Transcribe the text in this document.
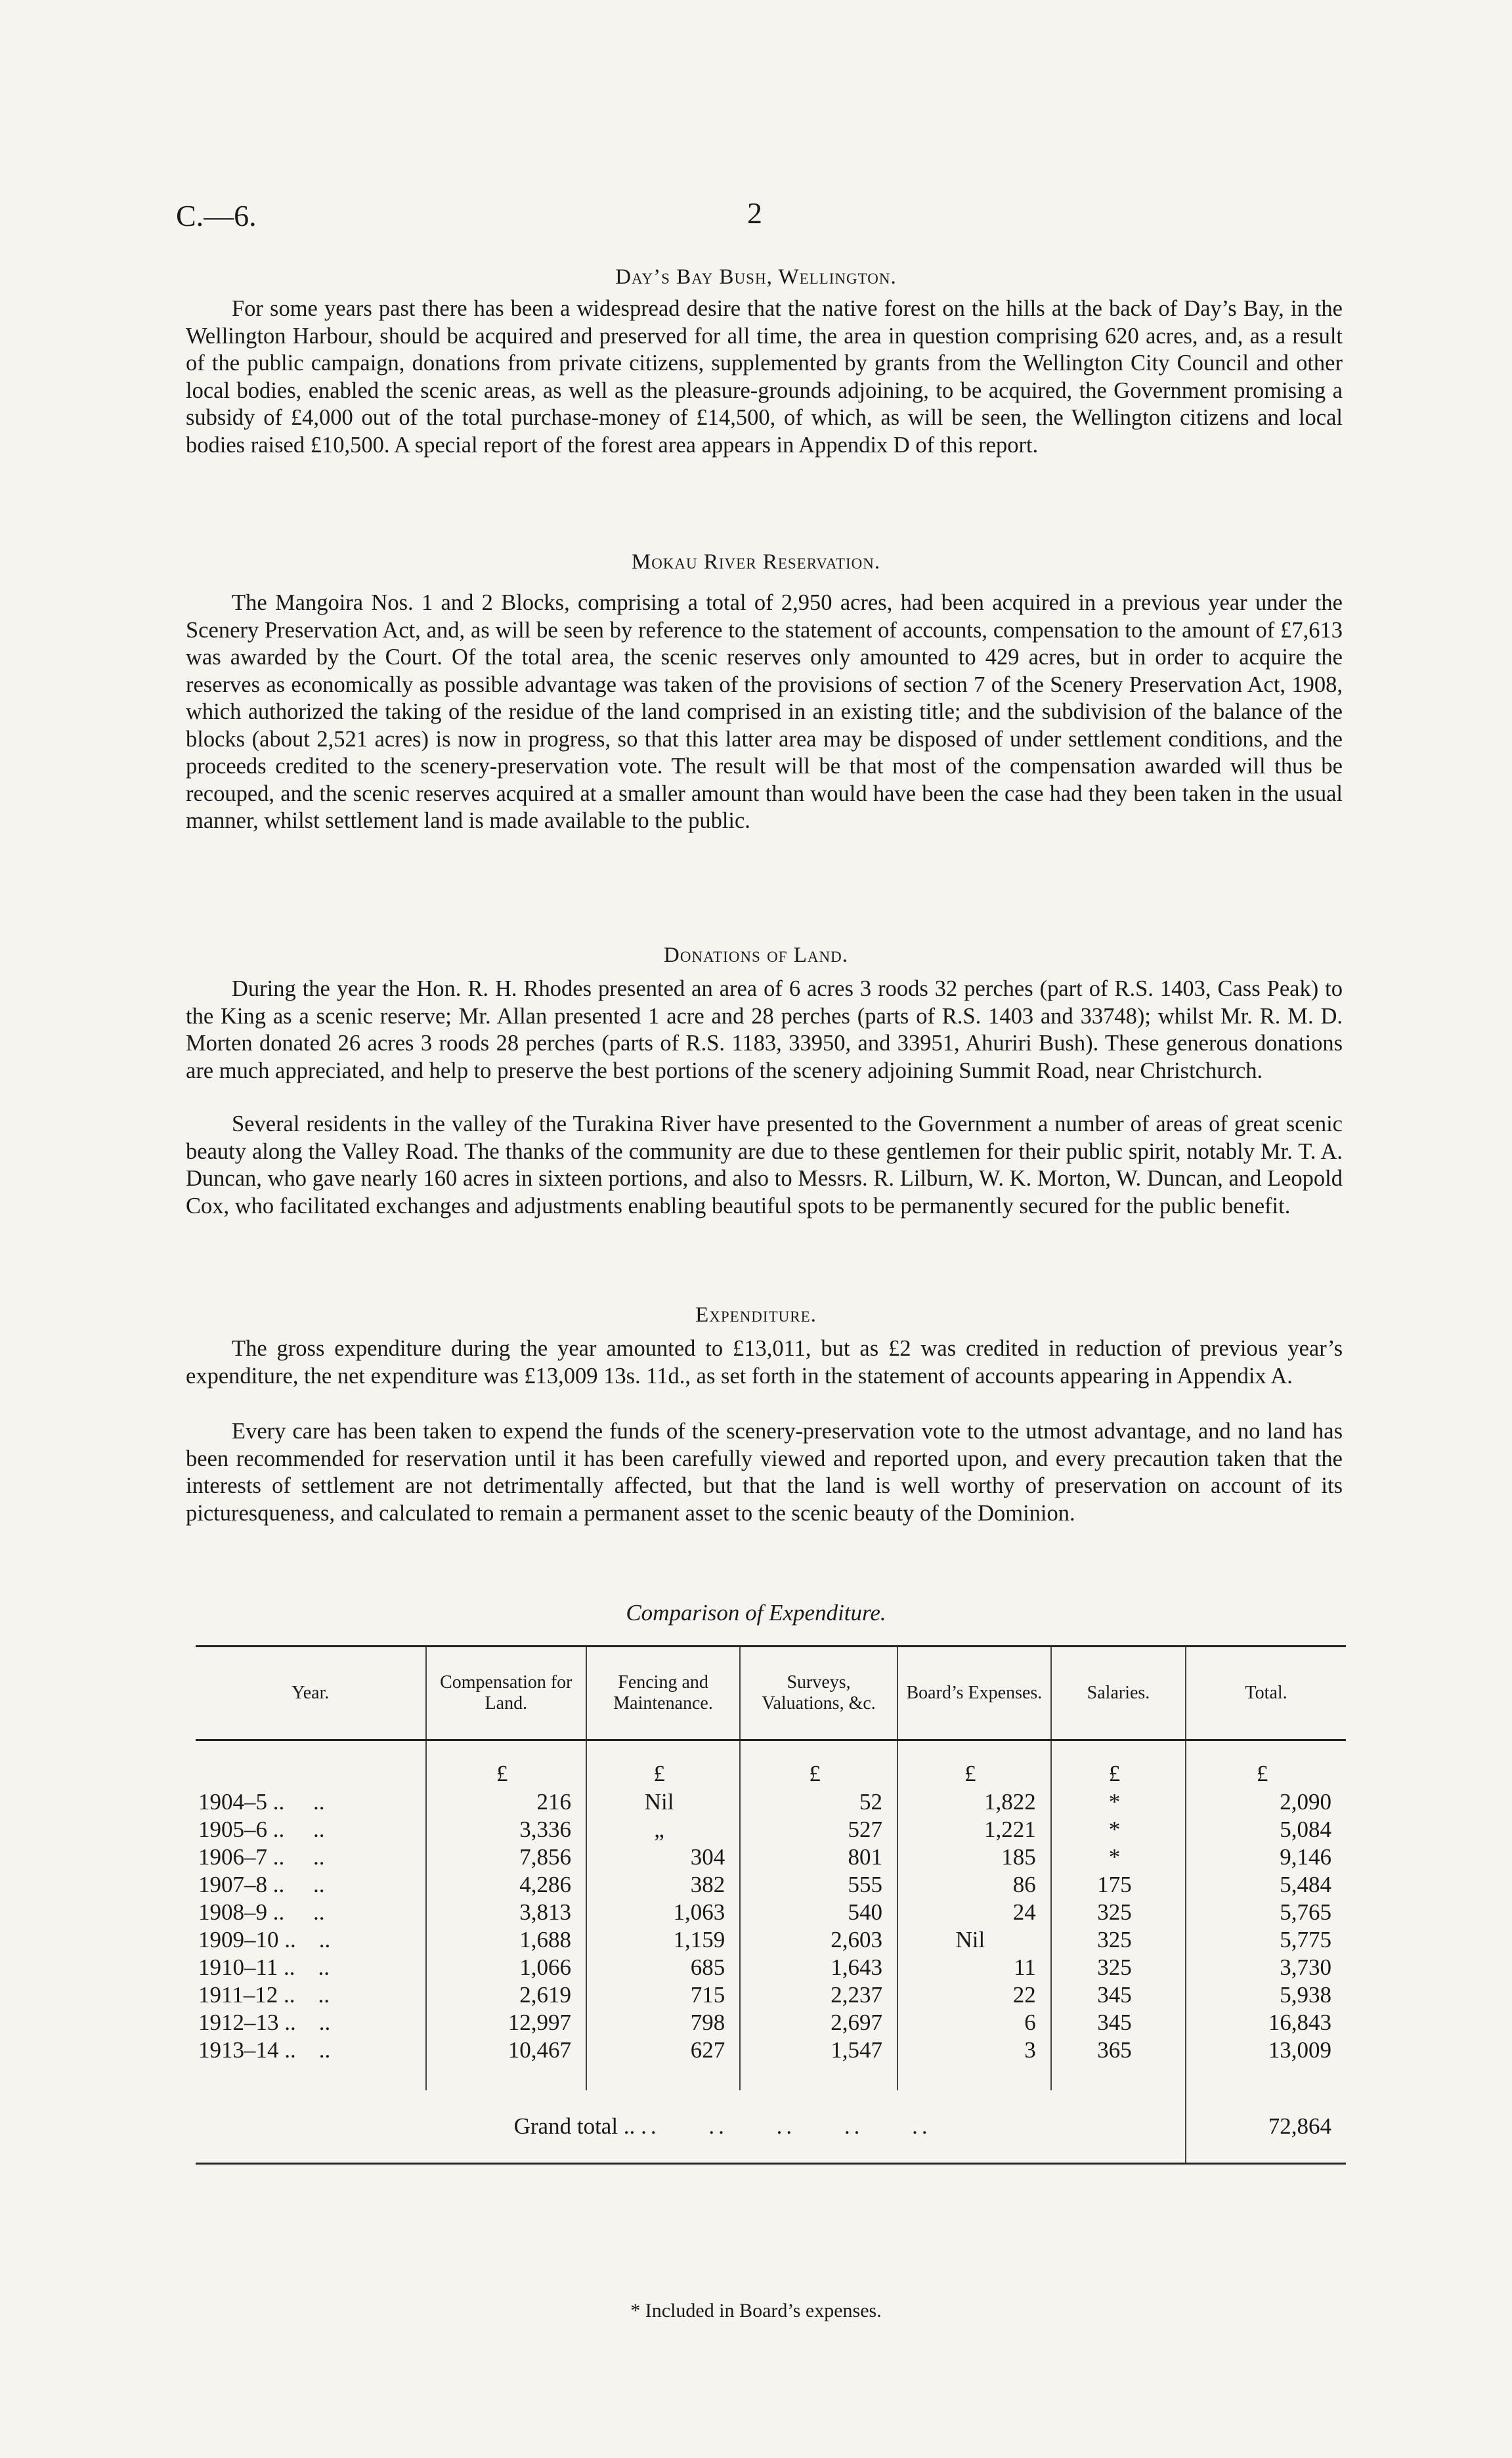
C.—6.	2
Day’s Bay Bush, Wellington.

For some years past there has been a widespread desire that the native forest on the hills at the back of Day’s Bay, in the Wellington Harbour, should be acquired and preserved for all time, the area in question comprising 620 acres, and, as a result of the public campaign, donations from private citizens, supplemented by grants from the Wellington City Council and other local bodies, enabled the scenic areas, as well as the pleasure-grounds adjoining, to be acquired, the Government promising a subsidy of £4,000 out of the total purchase-money of £14,500, of which, as will be seen, the Wellington citizens and local bodies raised £10,500. A special report of the forest area appears in Appendix D of this report.

Mokau River Reservation.

The Mangoira Nos. 1 and 2 Blocks, comprising a total of 2,950 acres, had been acquired in a previous year under the Scenery Preservation Act, and, as will be seen by reference to the statement of accounts, compensation to the amount of £7,613 was awarded by the Court. Of the total area, the scenic reserves only amounted to 429 acres, but in order to acquire the reserves as economically as possible advantage was taken of the provisions of section 7 of the Scenery Preservation Act, 1908, which authorized the taking of the residue of the land comprised in an existing title; and the subdivision of the balance of the blocks (about 2,521 acres) is now in progress, so that this latter area may be disposed of under settlement conditions, and the proceeds credited to the scenery-preservation vote. The result will be that most of the compensation awarded will thus be recouped, and the scenic reserves acquired at a smaller amount than would have been the case had they been taken in the usual manner, whilst settlement land is made available to the public.

Donations of Land.

During the year the Hon. R. H. Rhodes presented an area of 6 acres 3 roods 32 perches (part of R.S. 1403, Cass Peak) to the King as a scenic reserve; Mr. Allan presented 1 acre and 28 perches (parts of R.S. 1403 and 33748); whilst Mr. R. M. D. Morten donated 26 acres 3 roods 28 perches (parts of R.S. 1183, 33950, and 33951, Ahuriri Bush). These generous donations are much appreciated, and help to preserve the best portions of the scenery adjoining Summit Road, near Christchurch.

Several residents in the valley of the Turakina River have presented to the Government a number of areas of great scenic beauty along the Valley Road. The thanks of the community are due to these gentlemen for their public spirit, notably Mr. T. A. Duncan, who gave nearly 160 acres in sixteen portions, and also to Messrs. R. Lilburn, W. K. Morton, W. Duncan, and Leopold Cox, who facilitated exchanges and adjustments enabling beautiful spots to be permanently secured for the public benefit.

Expenditure.

The gross expenditure during the year amounted to £13,011, but as £2 was credited in reduction of previous year’s expenditure, the net expenditure was £13,009 13s. 11d., as set forth in the statement of accounts appearing in Appendix A.

Every care has been taken to expend the funds of the scenery-preservation vote to the utmost advantage, and no land has been recommended for reservation until it has been carefully viewed and reported upon, and every precaution taken that the interests of settlement are not detrimentally affected, but that the land is well worthy of preservation on account of its picturesqueness, and calculated to remain a permanent asset to the scenic beauty of the Dominion.

Comparison of Expenditure.
Year.	Compensation for Land.	Fencing and Maintenance.	Surveys, Valuations, &c.	Board’s Expenses.	Salaries.	Total.
	£	£	£	£	£	£
1904–5 ..     ..	216	Nil	52	1,822	*	2,090
1905–6 ..     ..	3,336	„	527	1,221	*	5,084
1906–7 ..     ..	7,856	304	801	185	*	9,146
1907–8 ..     ..	4,286	382	555	86	175	5,484
1908–9 ..     ..	3,813	1,063	540	24	325	5,765
1909–10 ..    ..	1,688	1,159	2,603	Nil	325	5,775
1910–11 ..    ..	1,066	685	1,643	11	325	3,730
1911–12 ..    ..	2,619	715	2,237	22	345	5,938
1912–13 ..    ..	12,997	798	2,697	6	345	16,843
1913–14 ..    ..	10,467	627	1,547	3	365	13,009
Grand total .. ..     ..     ..     ..     ..						72,864
* Included in Board’s expenses.
